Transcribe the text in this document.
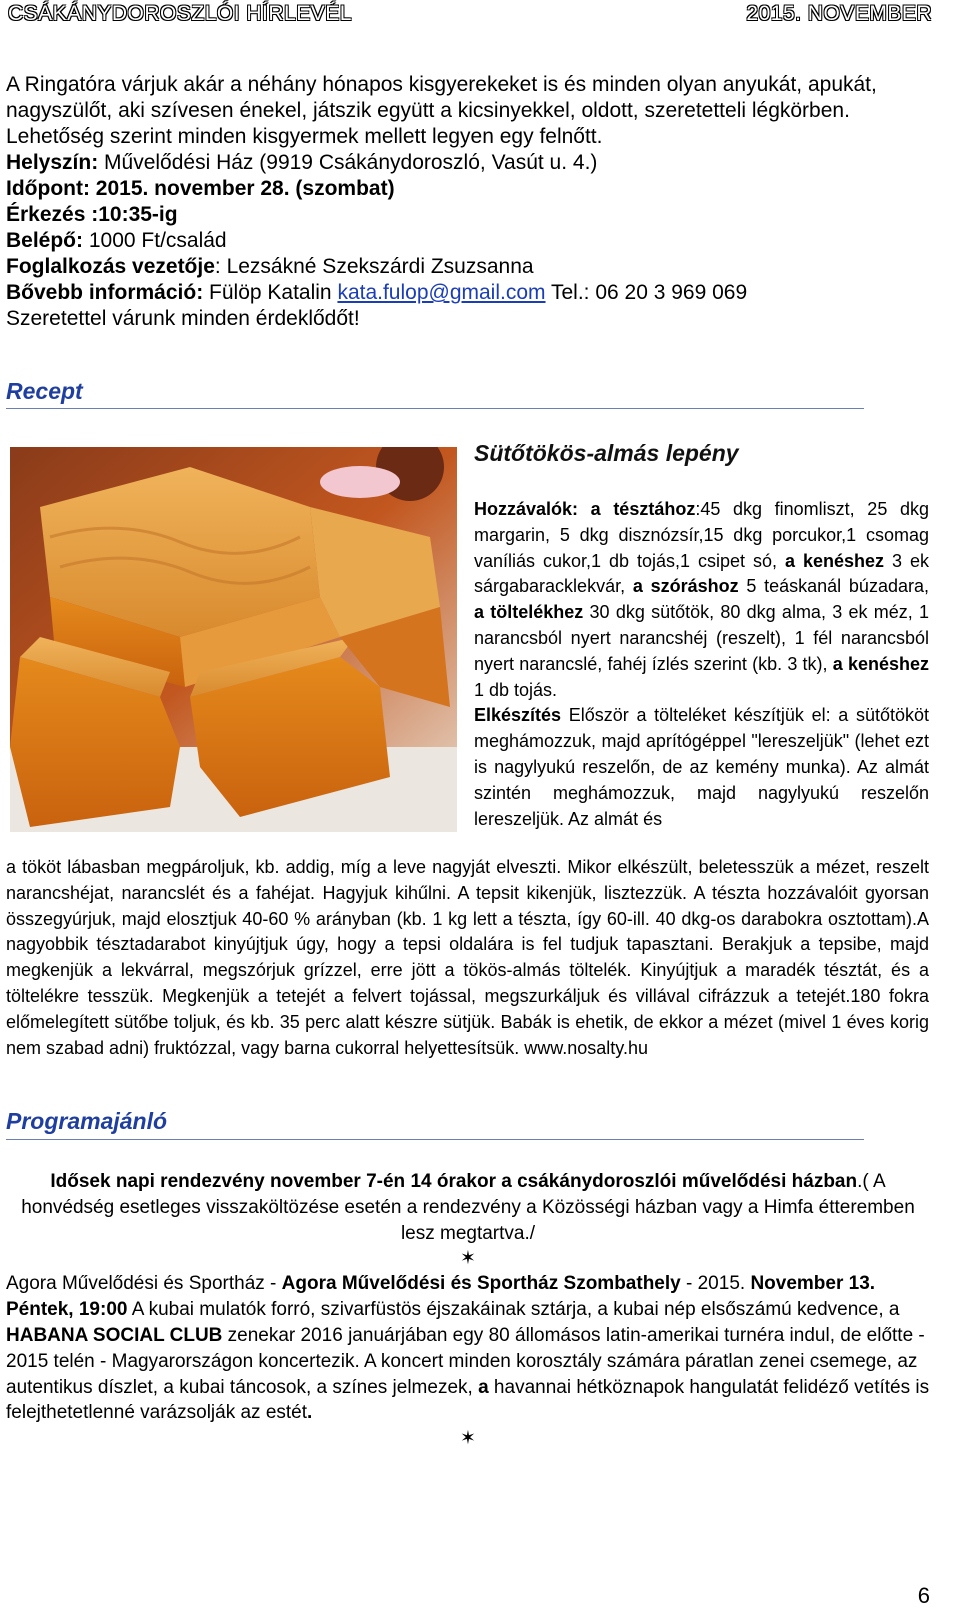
CSÁKÁNYDOROSZLÓI HÍRLEVÉL	2015. NOVEMBER

A Ringatóra várjuk akár a néhány hónapos kisgyerekeket is és minden olyan anyukát, apukát, nagyszülőt, aki szívesen énekel, játszik együtt a kicsinyekkel, oldott, szeretetteli légkörben.

Lehetőség szerint minden kisgyermek mellett legyen egy felnőtt.

Helyszín: Művelődési Ház (9919 Csákánydoroszló, Vasút u. 4.)

Időpont: 2015. november 28. (szombat)

Érkezés :10:35-ig

Belépő: 1000 Ft/család

Foglalkozás vezetője: Lezsákné Szekszárdi Zsuzsanna

Bővebb információ: Fülöp Katalin kata.fulop@gmail.com Tel.: 06 20 3 969 069

Szeretettel várunk minden érdeklődőt!

Recept
Sütőtökös-almás lepény

Hozzávalók: a tésztához:45 dkg finomliszt, 25 dkg margarin, 5 dkg disznózsír,15 dkg porcukor,1 csomag vaníliás cukor,1 db tojás,1 csipet só, a kenéshez 3 ek sárgabaracklekvár, a szóráshoz 5 teáskanál búzadara, a töltelékhez 30 dkg sütőtök, 80 dkg alma, 3 ek méz, 1 narancsból nyert narancshéj (reszelt), 1 fél narancsból nyert narancslé, fahéj ízlés szerint (kb. 3 tk), a kenéshez 1 db tojás.

Elkészítés Először a tölteléket készítjük el: a sütőtököt meghámozzuk, majd aprítógéppel "lereszeljük" (lehet ezt is nagylyukú reszelőn, de az kemény munka). Az almát szintén meghámozzuk, majd nagylyukú reszelőn lereszeljük. Az almát és

a tököt lábasban megpároljuk, kb. addig, míg a leve nagyját elveszti. Mikor elkészült, beletesszük a mézet, reszelt narancshéjat, narancslét és a fahéjat. Hagyjuk kihűlni. A tepsit kikenjük, lisztezzük. A tészta hozzávalóit gyorsan összegyúrjuk, majd elosztjuk 40-60 % arányban (kb. 1 kg lett a tészta, így 60-ill. 40 dkg-os darabokra osztottam).A nagyobbik tésztadarabot kinyújtjuk úgy, hogy a tepsi oldalára is fel tudjuk tapasztani. Berakjuk a tepsibe, majd megkenjük a lekvárral, megszórjuk grízzel, erre jött a tökös-almás töltelék. Kinyújtjuk a maradék tésztát, és a töltelékre tesszük. Megkenjük a tetejét a felvert tojással, megszurkáljuk és villával cifrázzuk a tetejét.180 fokra előmelegített sütőbe toljuk, és kb. 35 perc alatt készre sütjük. Babák is ehetik, de ekkor a mézet (mivel 1 éves korig nem szabad adni) fruktózzal, vagy barna cukorral helyettesítsük. www.nosalty.hu

Programajánló

Idősek napi rendezvény november 7-én 14 órakor a csákánydoroszlói művelődési házban.( A honvédség esetleges visszaköltözése esetén a rendezvény a Közösségi házban vagy a Himfa étteremben lesz megtartva./

✶

Agora Művelődési és Sportház - Agora Művelődési és Sportház Szombathely - 2015. November 13. Péntek, 19:00 A kubai mulatók forró, szivarfüstös éjszakáinak sztárja, a kubai nép elsőszámú kedvence, a HABANA SOCIAL CLUB zenekar 2016 januárjában egy 80 állomásos latin-amerikai turnéra indul, de előtte - 2015 telén - Magyarországon koncertezik. A koncert minden korosztály számára páratlan zenei csemege, az autentikus díszlet, a kubai táncosok, a színes jelmezek, a havannai hétköznapok hangulatát felidéző vetítés is felejthetetlenné varázsolják az estét.

✶

6
